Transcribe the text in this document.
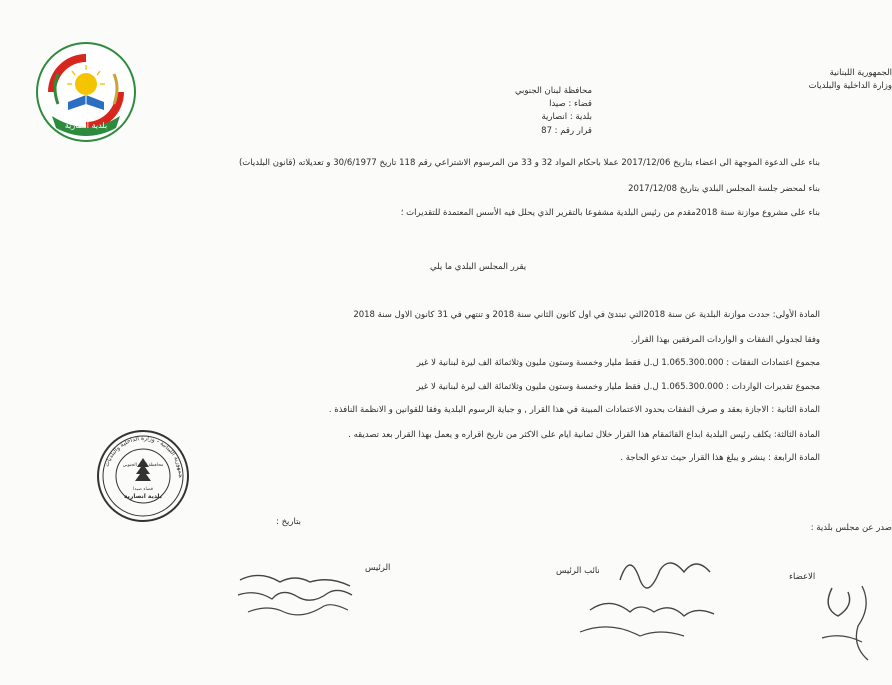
بلدية انصارية
الجمهورية اللبنانية
وزارة الداخلية والبلديات
محافظة لبنان الجنوبي
قضاء : صيدا
بلدية : انصارية
قرار رقم : 87
بناء على الدعوة الموجهة الى اعضاء بتاريخ 2017/12/06 عملا باحكام المواد 32 و 33 من المرسوم الاشتراعي رقم 118 تاريخ 30/6/1977 و تعديلاته (قانون البلديات)
بناء لمحضر جلسة المجلس البلدي بتاريخ 2017/12/08
بناء على مشروع موازنة سنة 2018مقدم من رئيس البلدية مشفوعا بالتقرير الذي يحلل فيه الأسس المعتمدة للتقديرات ؛
يقرر المجلس البلدي ما يلي
المادة الأولى: حددت موازنة البلدية عن سنة 2018التي تبتدئ في اول كانون الثاني سنة 2018 و تنتهي في 31 كانون الاول سنة 2018
وفقا لجدولي النفقات و الواردات المرفقين بهذا القرار.
مجموع اعتمادات النفقات : 1.065.300.000 ل.ل فقط مليار وخمسة وستون مليون وثلاثمائة الف ليرة لبنانية لا غير
مجموع تقديرات الواردات : 1.065.300.000 ل.ل فقط مليار وخمسة وستون مليون وثلاثمائة الف ليرة لبنانية لا غير
المادة الثانية : الاجازة بعقد و صرف النفقات بحدود الاعتمادات المبينة في هذا القرار , و جباية الرسوم البلدية وفقا للقوانين و الانظمة النافذة .
المادة الثالثة: يكلف رئيس البلدية ابداع القائمقام هذا القرار خلال ثمانية ايام على الاكثر من تاريخ اقراره و يعمل بهذا القرار بعد تصديقه .
المادة الرابعة : ينشر و يبلغ هذا القرار حيث تدعو الحاجة .
جمهورية اللبنانية - وزارة الداخلية والبلديات
محافظة لبنان الجنوبي
قضاء صيدا
بلدية انصارية
صدر عن مجلس بلدية :
بتاريخ :
الرئيس	نائب الرئيس
الاعضاء
